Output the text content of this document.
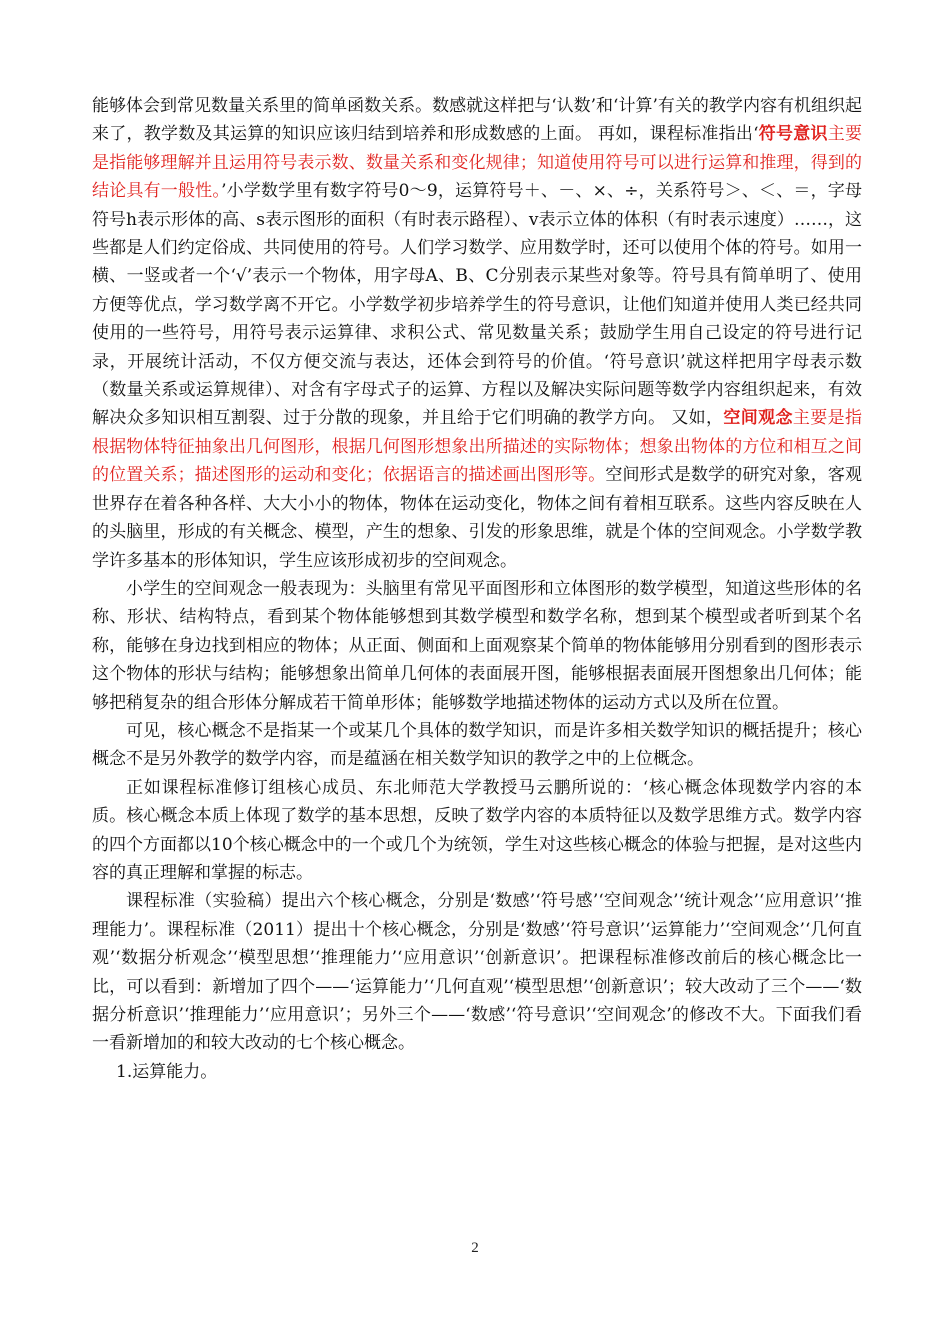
能够体会到常见数量关系里的简单函数关系。数感就这样把与‘认数’和‘计算’有关的教学内容有机组织起来了，教学数及其运算的知识应该归结到培养和形成数感的上面。 再如，课程标准指出‘符号意识主要是指能够理解并且运用符号表示数、数量关系和变化规律；知道使用符号可以进行运算和推理，得到的结论具有一般性。’小学数学里有数字符号0～9，运算符号＋、－、×、÷，关系符号＞、＜、＝，字母符号h表示形体的高、s表示图形的面积（有时表示路程）、v表示立体的体积（有时表示速度）……，这些都是人们约定俗成、共同使用的符号。人们学习数学、应用数学时，还可以使用个体的符号。如用一横、一竖或者一个‘√’表示一个物体，用字母A、B、C分别表示某些对象等。符号具有简单明了、使用方便等优点，学习数学离不开它。小学数学初步培养学生的符号意识，让他们知道并使用人类已经共同使用的一些符号，用符号表示运算律、求积公式、常见数量关系；鼓励学生用自己设定的符号进行记录，开展统计活动，不仅方便交流与表达，还体会到符号的价值。‘符号意识’就这样把用字母表示数（数量关系或运算规律）、对含有字母式子的运算、方程以及解决实际问题等数学内容组织起来，有效解决众多知识相互割裂、过于分散的现象，并且给于它们明确的教学方向。 又如，空间观念主要是指根据物体特征抽象出几何图形，根据几何图形想象出所描述的实际物体；想象出物体的方位和相互之间的位置关系；描述图形的运动和变化；依据语言的描述画出图形等。空间形式是数学的研究对象，客观世界存在着各种各样、大大小小的物体，物体在运动变化，物体之间有着相互联系。这些内容反映在人的头脑里，形成的有关概念、模型，产生的想象、引发的形象思维，就是个体的空间观念。小学数学教学许多基本的形体知识，学生应该形成初步的空间观念。

小学生的空间观念一般表现为：头脑里有常见平面图形和立体图形的数学模型，知道这些形体的名称、形状、结构特点，看到某个物体能够想到其数学模型和数学名称，想到某个模型或者听到某个名称，能够在身边找到相应的物体；从正面、侧面和上面观察某个简单的物体能够用分别看到的图形表示这个物体的形状与结构；能够想象出简单几何体的表面展开图，能够根据表面展开图想象出几何体；能够把稍复杂的组合形体分解成若干简单形体；能够数学地描述物体的运动方式以及所在位置。

可见，核心概念不是指某一个或某几个具体的数学知识，而是许多相关数学知识的概括提升；核心概念不是另外教学的数学内容，而是蕴涵在相关数学知识的教学之中的上位概念。

正如课程标准修订组核心成员、东北师范大学教授马云鹏所说的：‘核心概念体现数学内容的本质。核心概念本质上体现了数学的基本思想，反映了数学内容的本质特征以及数学思维方式。数学内容的四个方面都以10个核心概念中的一个或几个为统领，学生对这些核心概念的体验与把握，是对这些内容的真正理解和掌握的标志。

课程标准（实验稿）提出六个核心概念，分别是‘数感’‘符号感’‘空间观念’‘统计观念’‘应用意识’‘推理能力’。课程标准（2011）提出十个核心概念，分别是‘数感’‘符号意识’‘运算能力’‘空间观念’‘几何直观’‘数据分析观念’‘模型思想’‘推理能力’‘应用意识’‘创新意识’。把课程标准修改前后的核心概念比一比，可以看到：新增加了四个——‘运算能力’‘几何直观’‘模型思想’‘创新意识’；较大改动了三个——‘数据分析意识’‘推理能力’‘应用意识’；另外三个——‘数感’‘符号意识’‘空间观念’的修改不大。下面我们看一看新增加的和较大改动的七个核心概念。

1.运算能力。

2
